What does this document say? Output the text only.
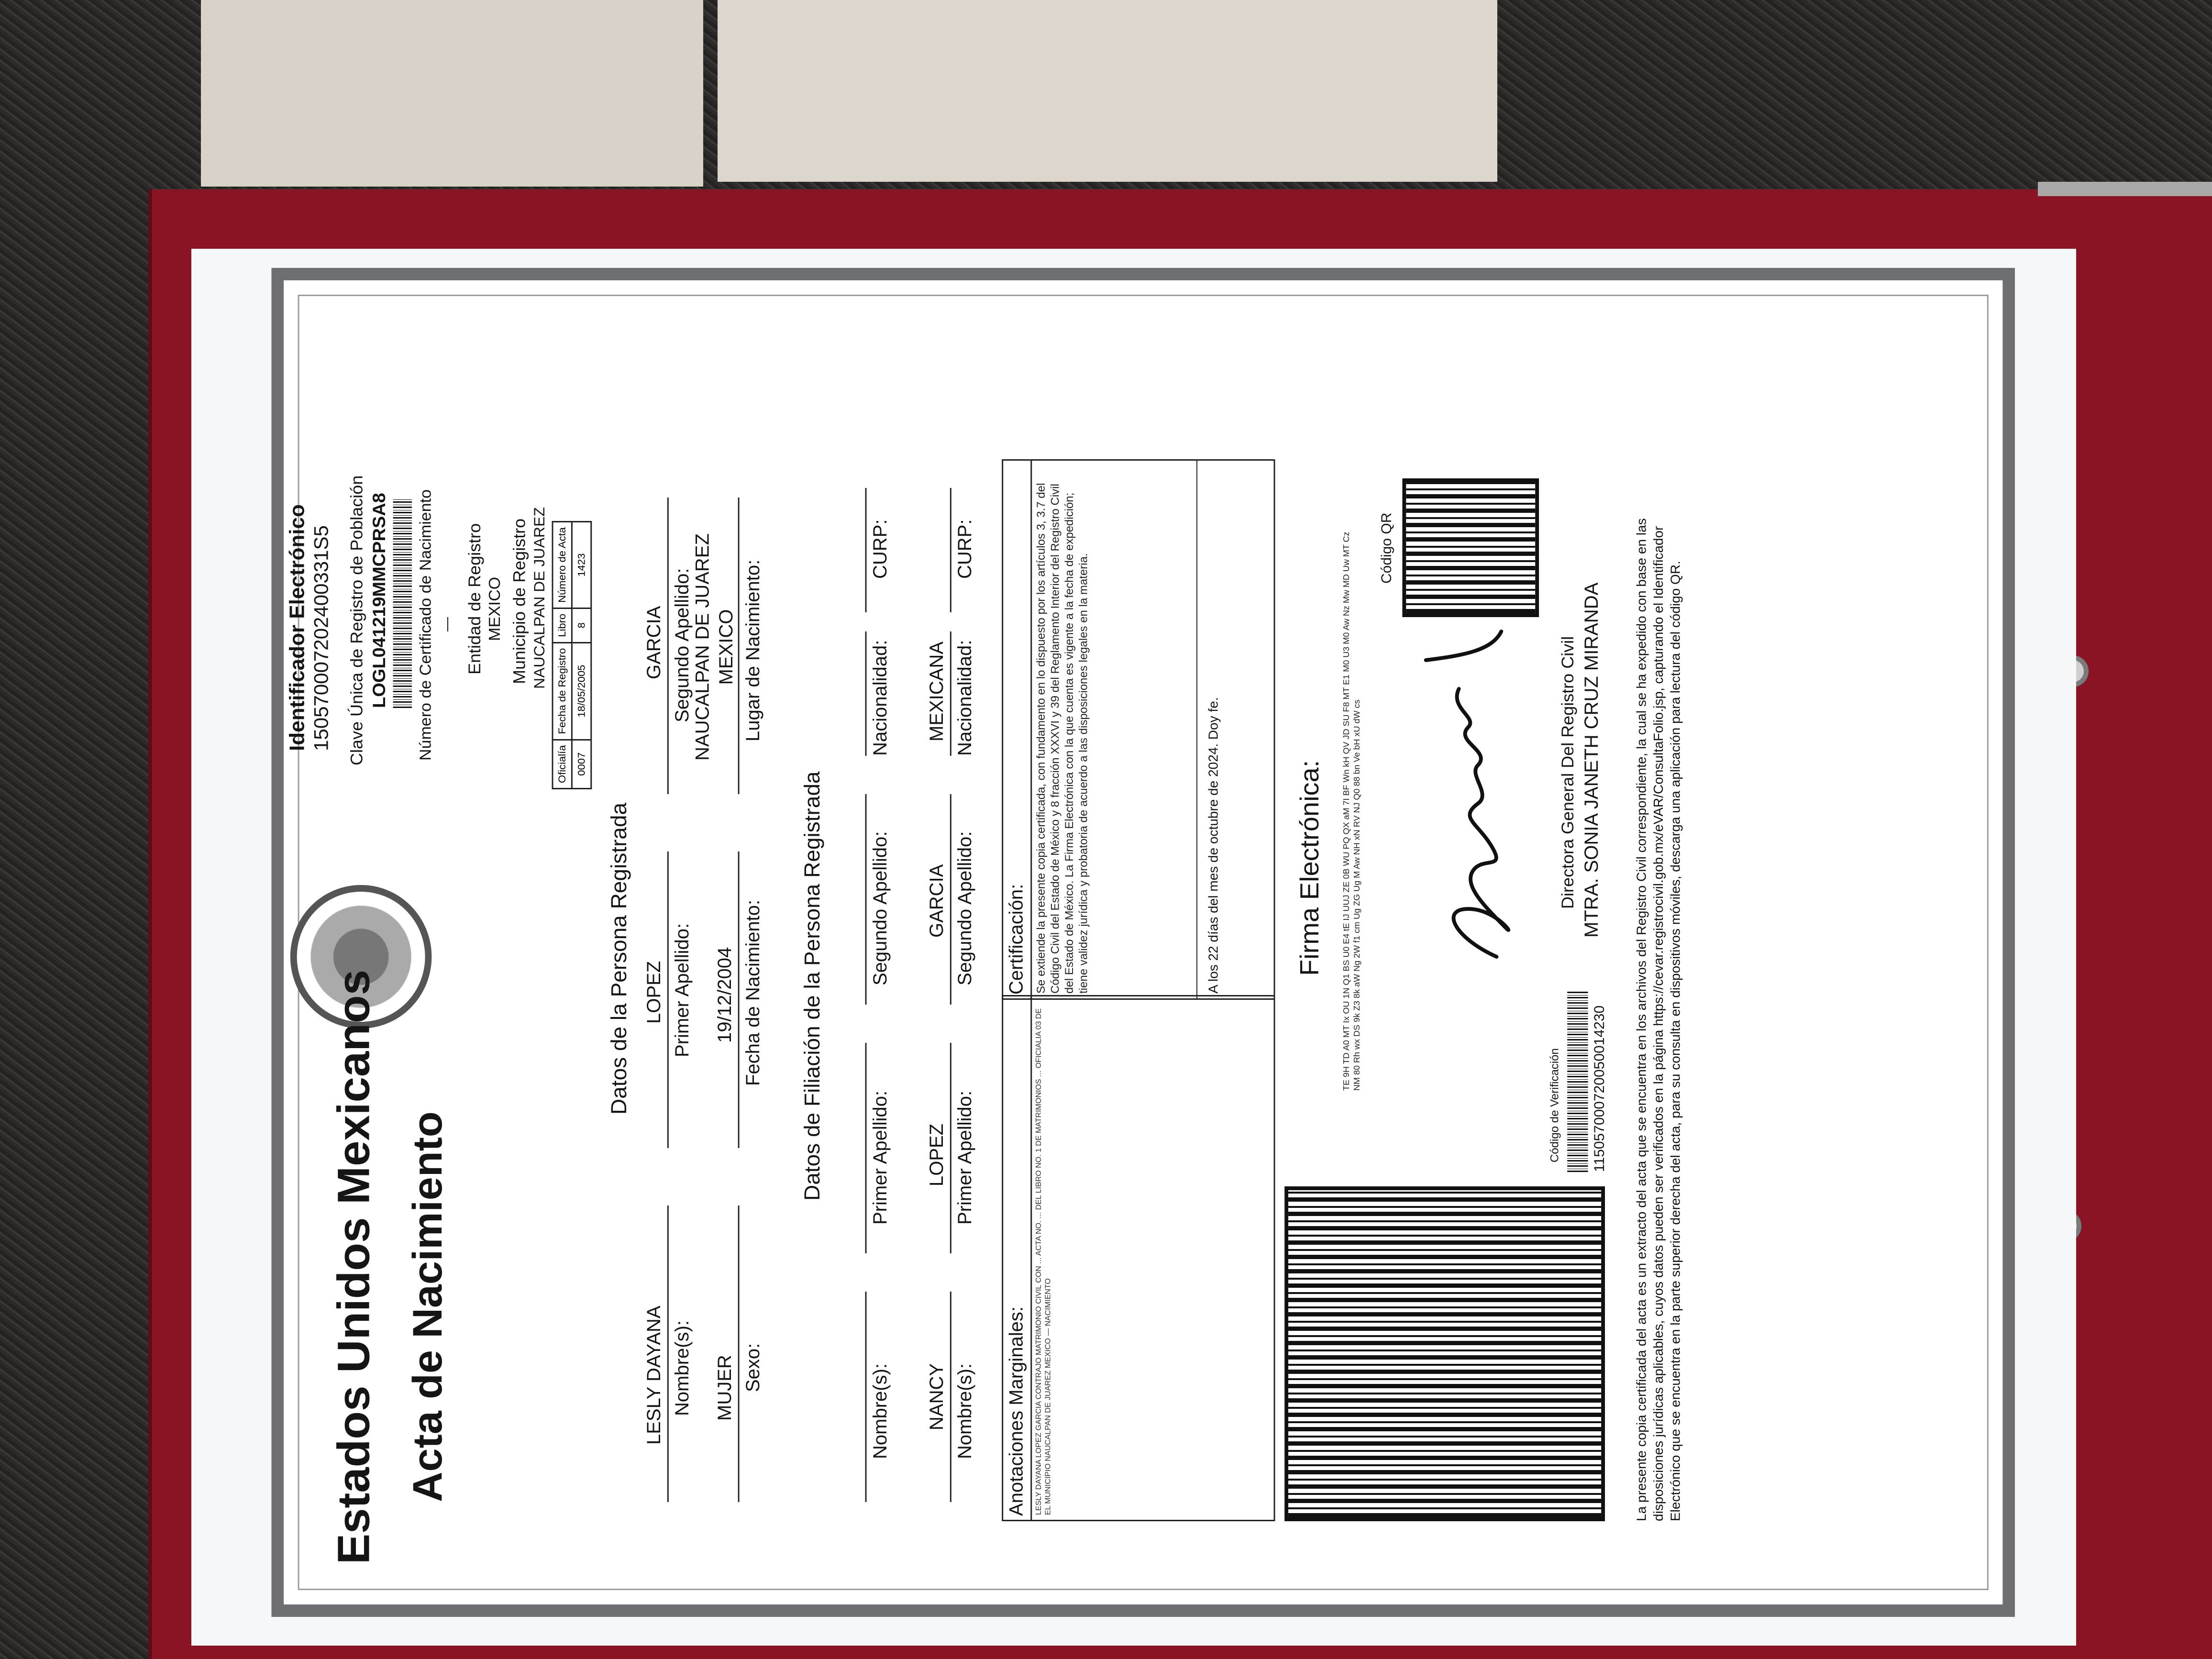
Estados Unidos Mexicanos Acta de Nacimiento
Identificador Electrónico 150570007202400331S5 Clave Única de Registro de Población LOGL041219MMCPRSA8 Número de Certificado de Nacimiento — Entidad de Registro MEXICO Municipio de Registro NAUCALPAN DE JUAREZ
Oficialía	Fecha de Registro	Libro	Número de Acta
0007	18/05/2005	8	1423
Datos de la Persona Registrada
LESLY DAYANA Nombre(s):
LOPEZ Primer Apellido:
GARCIA Segundo Apellido:
MUJER Sexo:
19/12/2004 Fecha de Nacimiento:
NAUCALPAN DE JUAREZ
MEXICO Lugar de Nacimiento:
Datos de Filiación de la Persona Registrada
Nombre(s):
Primer Apellido:
Segundo Apellido:
Nacionalidad:
CURP:
NANCY Nombre(s):
LOPEZ Primer Apellido:
GARCIA Segundo Apellido:
MEXICANA Nacionalidad:
CURP:
Anotaciones Marginales: LESLY DAYANA LOPEZ GARCIA CONTRAJO MATRIMONIO CIVIL CON ... ACTA NO. ... DEL LIBRO NO. 1 DE MATRIMONIOS ... OFICIALIA 03 DE EL MUNICIPIO NAUCALPAN DE JUAREZ MEXICO — NACIMIENTO
Certificación: Se extiende la presente copia certificada, con fundamento en lo dispuesto por los artículos 3, 3.7 del Código Civil del Estado de México y 8 fracción XXXVI y 39 del Reglamento Interior del Registro Civil del Estado de México. La Firma Electrónica con la que cuenta es vigente a la fecha de expedición; tiene validez jurídica y probatoria de acuerdo a las disposiciones legales en la materia.	A los 22 días del mes de octubre de 2024. Doy fe.	Firma Electrónica: TE 9H TD A0 MT Ix OU 1N Q1 BS U0 E4 tE IJ UUJ ZE 0B WU PQ QX aM 7I BF Wn kH QV JD SU F8 MT E1 M0 U3 M0 Aw Nz Mw MD Uw MT Cz NM 80 Rh wx DS 9k Z3 8k aW Ng 2W f1 cm Ug ZG Ug M Aw NH xN RV NJ Q0 88 bn Ve bH xU dW cs	Directora General Del Registro Civil MTRA. SONIA JANETH CRUZ MIRANDA
Código QR
Código de Verificación 115057000720050014230 La presente copia certificada del acta es un extracto del acta que se encuentra en los archivos del Registro Civil correspondiente, la cual se ha expedido con base en las disposiciones jurídicas aplicables, cuyos datos pueden ser verificados en la página https://cevar.registrocivil.gob.mx/eVAR/ConsultaFolio.jsp, capturando el Identificador Electrónico que se encuentra en la parte superior derecha del acta, para su consulta en dispositivos móviles, descarga una aplicación para lectura del código QR.
